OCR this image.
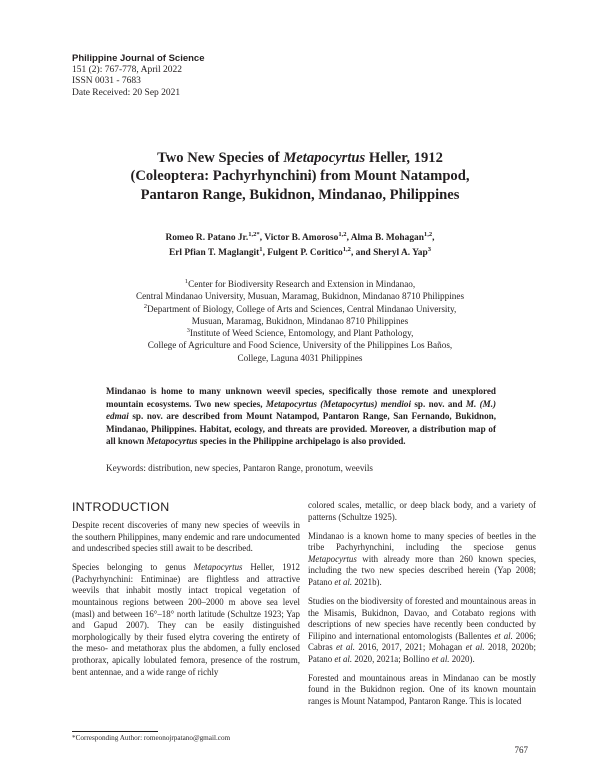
Philippine Journal of Science
151 (2): 767-778, April 2022
ISSN 0031 - 7683
Date Received: 20 Sep 2021
Two New Species of Metapocyrtus Heller, 1912
(Coleoptera: Pachyrhynchini) from Mount Natampod,
Pantaron Range, Bukidnon, Mindanao, Philippines
Romeo R. Patano Jr.$^{1,2*}$, Victor B. Amoroso$^{1,2}$, Alma B. Mohagan$^{1,2}$,
Erl Pfian T. Maglangit$^1$, Fulgent P. Coritico$^{1,2}$, and Sheryl A. Yap$^3$
$^1$Center for Biodiversity Research and Extension in Mindanao,
Central Mindanao University, Musuan, Maramag, Bukidnon, Mindanao 8710 Philippines
$^2$Department of Biology, College of Arts and Sciences, Central Mindanao University,
Musuan, Maramag, Bukidnon, Mindanao 8710 Philippines
$^3$Institute of Weed Science, Entomology, and Plant Pathology,
College of Agriculture and Food Science, University of the Philippines Los Baños,
College, Laguna 4031 Philippines
Mindanao is home to many unknown weevil species, specifically those remote and unexplored mountain ecosystems. Two new species, Metapocyrtus (Metapocyrtus) mendioi sp. nov. and M. (M.) edmai sp. nov. are described from Mount Natampod, Pantaron Range, San Fernando, Bukidnon, Mindanao, Philippines. Habitat, ecology, and threats are provided. Moreover, a distribution map of all known Metapocyrtus species in the Philippine archipelago is also provided.
Keywords: distribution, new species, Pantaron Range, pronotum, weevils
INTRODUCTION

Despite recent discoveries of many new species of weevils in the southern Philippines, many endemic and rare undocumented and undescribed species still await to be described.

Species belonging to genus Metapocyrtus Heller, 1912 (Pachyrhynchini: Entiminae) are flightless and attractive weevils that inhabit mostly intact tropical vegetation of mountainous regions between 200–2000 m above sea level (masl) and between 16°–18° north latitude (Schultze 1923; Yap and Gapud 2007). They can be easily distinguished morphologically by their fused elytra covering the entirety of the meso- and metathorax plus the abdomen, a fully enclosed prothorax, apically lobulated femora, presence of the rostrum, bent antennae, and a wide range of richly

colored scales, metallic, or deep black body, and a variety of patterns (Schultze 1925).

Mindanao is a known home to many species of beetles in the tribe Pachyrhynchini, including the speciose genus Metapocyrtus with already more than 260 known species, including the two new species described herein (Yap 2008; Patano et al. 2021b).

Studies on the biodiversity of forested and mountainous areas in the Misamis, Bukidnon, Davao, and Cotabato regions with descriptions of new species have recently been conducted by Filipino and international entomologists (Ballentes et al. 2006; Cabras et al. 2016, 2017, 2021; Mohagan et al. 2018, 2020b; Patano et al. 2020, 2021a; Bollino et al. 2020).

Forested and mountainous areas in Mindanao can be mostly found in the Bukidnon region. One of its known mountain ranges is Mount Natampod, Pantaron Range. This is located

*Corresponding Author: romeonojrpatano@gmail.com
767
